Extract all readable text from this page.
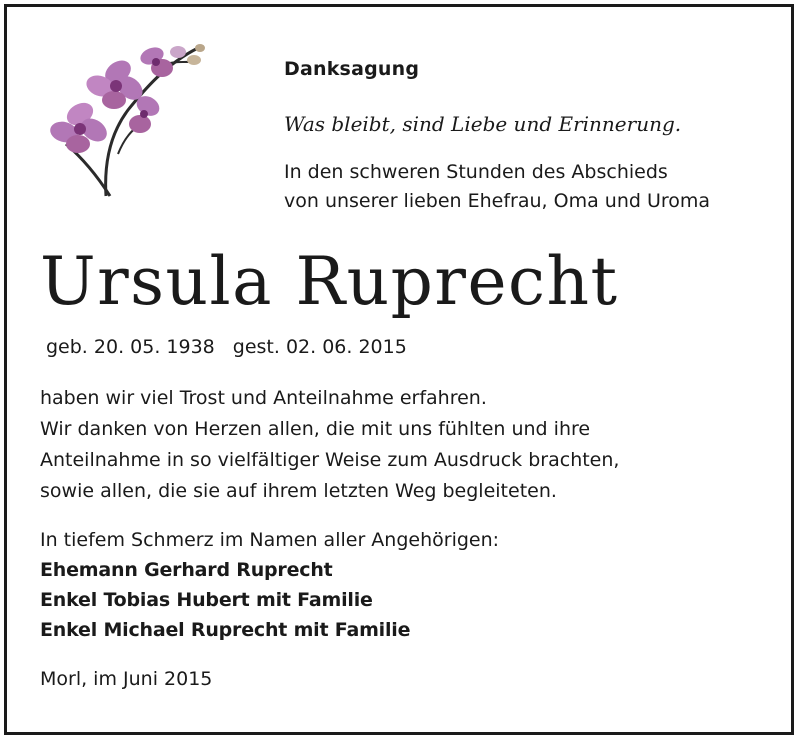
Danksagung
Was bleibt, sind Liebe und Erinnerung.
In den schweren Stunden des Abschieds
von unserer lieben Ehefrau, Oma und Uroma
Ursula Ruprecht
geb. 20. 05. 1938 gest. 02. 06. 2015
haben wir viel Trost und Anteilnahme erfahren.
Wir danken von Herzen allen, die mit uns fühlten und ihre
Anteilnahme in so vielfältiger Weise zum Ausdruck brachten,
sowie allen, die sie auf ihrem letzten Weg begleiteten.
In tiefem Schmerz im Namen aller Angehörigen:
Ehemann Gerhard Ruprecht
Enkel Tobias Hubert mit Familie
Enkel Michael Ruprecht mit Familie
Morl, im Juni 2015
